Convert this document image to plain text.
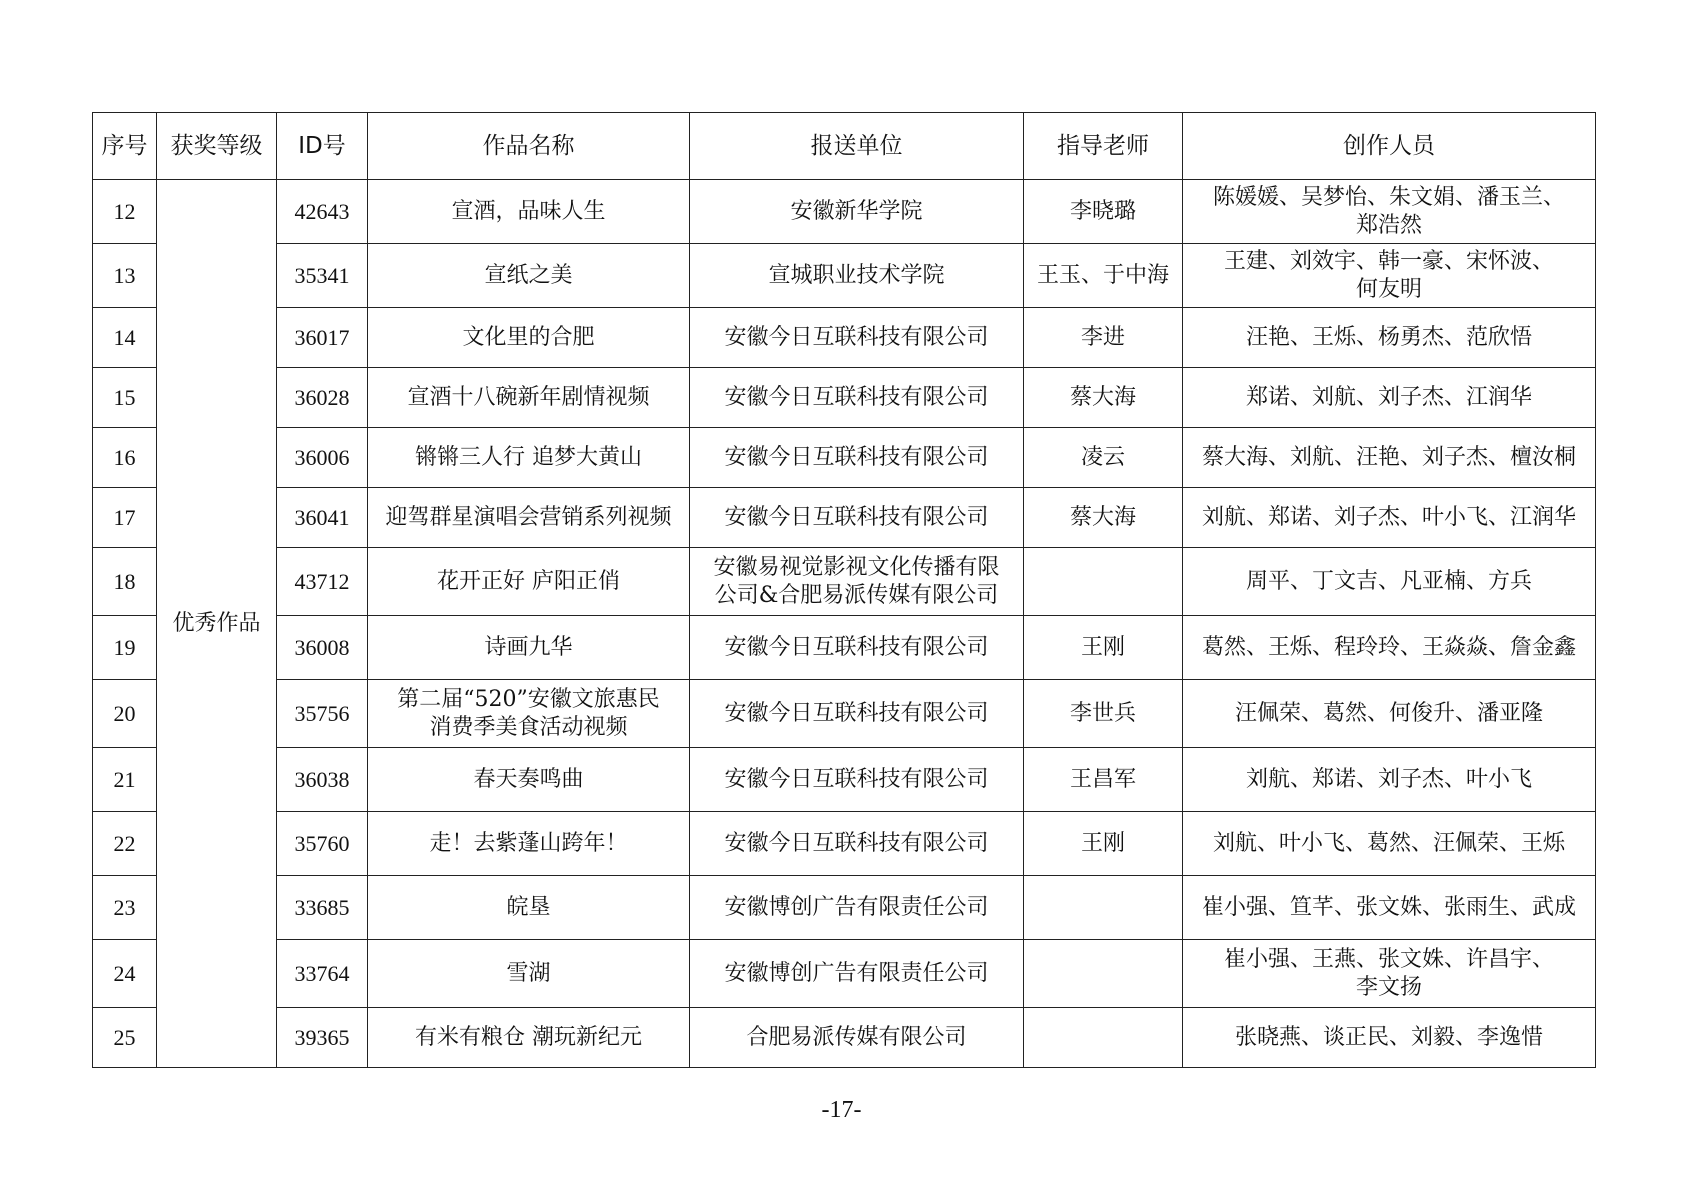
序号	获奖等级	ID号	作品名称	报送单位	指导老师	创作人员
12	优秀作品	42643	宣酒，品味人生	安徽新华学院	李晓璐	陈媛媛、吴梦怡、朱文娟、潘玉兰、
郑浩然
13		35341	宣纸之美	宣城职业技术学院	王玉、于中海	王建、刘效宇、韩一豪、宋怀波、
何友明
14		36017	文化里的合肥	安徽今日互联科技有限公司	李进	汪艳、王烁、杨勇杰、范欣悟
15		36028	宣酒十八碗新年剧情视频	安徽今日互联科技有限公司	蔡大海	郑诺、刘航、刘子杰、江润华
16		36006	锵锵三人行 追梦大黄山	安徽今日互联科技有限公司	凌云	蔡大海、刘航、汪艳、刘子杰、檀汝桐
17		36041	迎驾群星演唱会营销系列视频	安徽今日互联科技有限公司	蔡大海	刘航、郑诺、刘子杰、叶小飞、江润华
18		43712	花开正好 庐阳正俏	安徽易视觉影视文化传播有限
公司&合肥易派传媒有限公司		周平、丁文吉、凡亚楠、方兵
19		36008	诗画九华	安徽今日互联科技有限公司	王刚	葛然、王烁、程玲玲、王焱焱、詹金鑫
20		35756	第二届“520”安徽文旅惠民
消费季美食活动视频	安徽今日互联科技有限公司	李世兵	汪佩荣、葛然、何俊升、潘亚隆
21		36038	春天奏鸣曲	安徽今日互联科技有限公司	王昌军	刘航、郑诺、刘子杰、叶小飞
22		35760	走！去紫蓬山跨年！	安徽今日互联科技有限公司	王刚	刘航、叶小飞、葛然、汪佩荣、王烁
23		33685	皖垦	安徽博创广告有限责任公司		崔小强、笪芊、张文姝、张雨生、武成
24		33764	雪湖	安徽博创广告有限责任公司		崔小强、王燕、张文姝、许昌宇、
李文扬
25		39365	有米有粮仓 潮玩新纪元	合肥易派传媒有限公司		张晓燕、谈正民、刘毅、李逸惜
-17-
